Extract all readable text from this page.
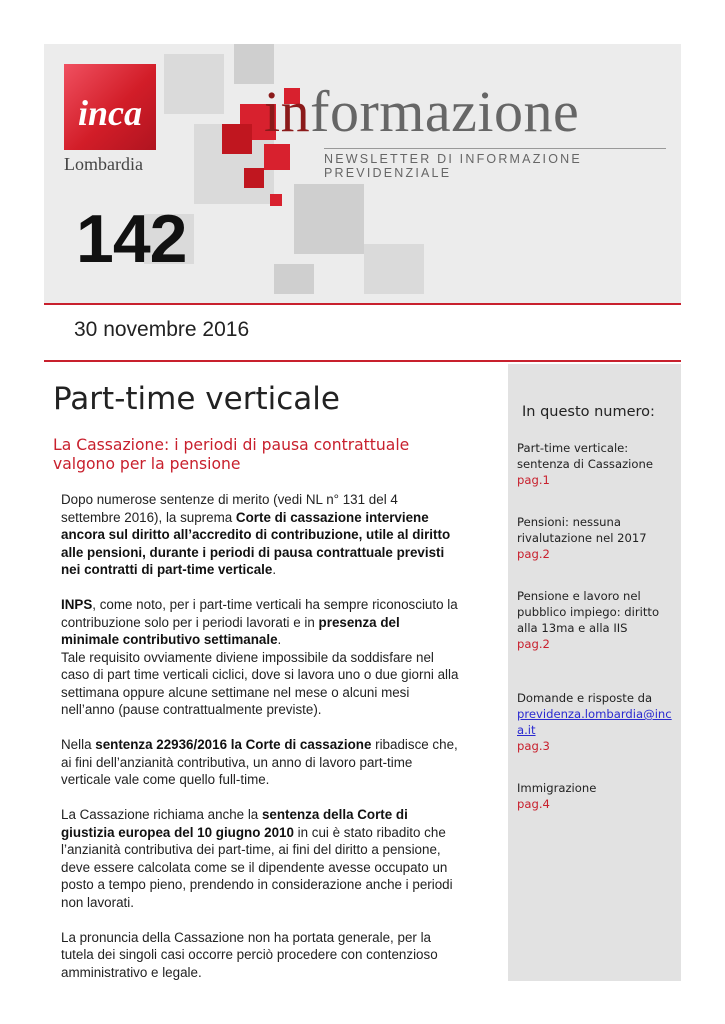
inca
Lombardia
informazione
NEWSLETTER DI INFORMAZIONE PREVIDENZIALE
142
30 novembre 2016
In questo numero:
Part-time verticale: sentenza di Cassazione
pag.1
Pensioni: nessuna rivalutazione nel 2017
pag.2
Pensione e lavoro nel pubblico impiego: diritto alla 13ma e alla IIS
pag.2
Domande e risposte da
previdenza.lombardia@inca.it
pag.3
Immigrazione
pag.4
Part-time verticale
La Cassazione: i periodi di pausa contrattuale valgono per la pensione

Dopo numerose sentenze di merito (vedi NL n° 131 del 4 settembre 2016), la suprema Corte di cassazione interviene ancora sul diritto all’accredito di contribuzione, utile al diritto alle pensioni, durante i periodi di pausa contrattuale previsti nei contratti di part-time verticale.

INPS, come noto, per i part-time verticali ha sempre riconosciuto la contribuzione solo per i periodi lavorati e in presenza del minimale contributivo settimanale.
Tale requisito ovviamente diviene impossibile da soddisfare nel caso di part time verticali ciclici, dove si lavora uno o due giorni alla settimana oppure alcune settimane nel mese o alcuni mesi nell’anno (pause contrattualmente previste).

Nella sentenza 22936/2016 la Corte di cassazione ribadisce che, ai fini dell’anzianità contributiva, un anno di lavoro part-time verticale vale come quello full-time.

La Cassazione richiama anche la sentenza della Corte di giustizia europea del 10 giugno 2010 in cui è stato ribadito che l’anzianità contributiva dei part-time, ai fini del diritto a pensione, deve essere calcolata come se il dipendente avesse occupato un posto a tempo pieno, prendendo in considerazione anche i periodi non lavorati.

La pronuncia della Cassazione non ha portata generale, per la tutela dei singoli casi occorre perciò procedere con contenzioso amministrativo e legale.
